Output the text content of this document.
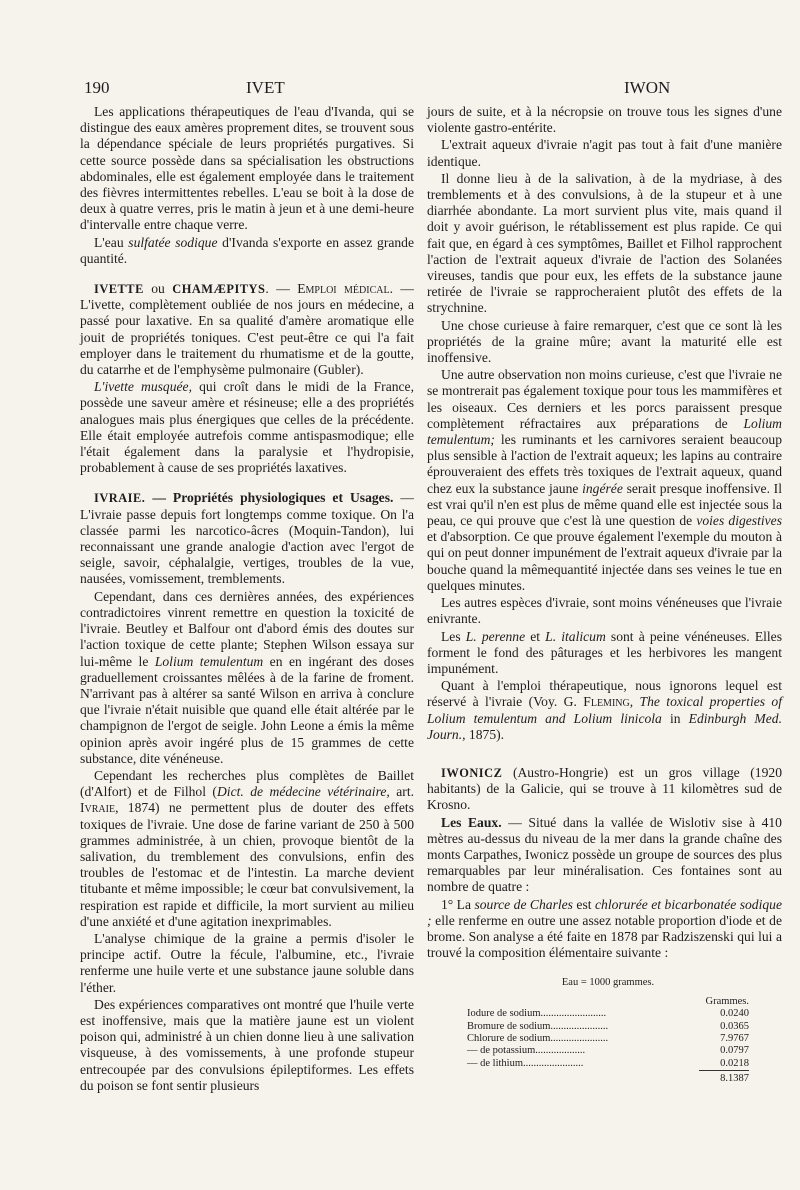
190	IVET	IWON

Les applications thérapeutiques de l'eau d'Ivanda, qui se distingue des eaux amères proprement dites, se trouvent sous la dépendance spéciale de leurs propriétés purgatives. Si cette source possède dans sa spécialisation les obstructions abdominales, elle est également employée dans le traitement des fièvres intermittentes rebelles. L'eau se boit à la dose de deux à quatre verres, pris le matin à jeun et à une demi-heure d'intervalle entre chaque verre.

L'eau sulfatée sodique d'Ivanda s'exporte en assez grande quantité.

IVETTE ou CHAMÆPITYS. — Emploi médical. —L'ivette, complètement oubliée de nos jours en médecine, a passé pour laxative. En sa qualité d'amère aromatique elle jouit de propriétés toniques. C'est peut-être ce qui l'a fait employer dans le traitement du rhumatisme et de la goutte, du catarrhe et de l'emphysème pulmonaire (Gubler).

L'ivette musquée, qui croît dans le midi de la France, possède une saveur amère et résineuse; elle a des propriétés analogues mais plus énergiques que celles de la précédente. Elle était employée autrefois comme antispasmodique; elle l'était également dans la paralysie et l'hydropisie, probablement à cause de ses propriétés laxatives.

IVRAIE. — Propriétés physiologiques et Usages. — L'ivraie passe depuis fort longtemps comme toxique. On l'a classée parmi les narcotico-âcres (Moquin-Tandon), lui reconnaissant une grande analogie d'action avec l'ergot de seigle, savoir, céphalalgie, vertiges, troubles de la vue, nausées, vomissement, tremblements.

Cependant, dans ces dernières années, des expériences contradictoires vinrent remettre en question la toxicité de l'ivraie. Beutley et Balfour ont d'abord émis des doutes sur l'action toxique de cette plante; Stephen Wilson essaya sur lui-même le Lolium temulentum en en ingérant des doses graduellement croissantes mêlées à de la farine de froment. N'arrivant pas à altérer sa santé Wilson en arriva à conclure que l'ivraie n'était nuisible que quand elle était altérée par le champignon de l'ergot de seigle. John Leone a émis la même opinion après avoir ingéré plus de 15 grammes de cette substance, dite vénéneuse.

Cependant les recherches plus complètes de Baillet (d'Alfort) et de Filhol (Dict. de médecine vétérinaire, art. Ivraie, 1874) ne permettent plus de douter des effets toxiques de l'ivraie. Une dose de farine variant de 250 à 500 grammes administrée, à un chien, provoque bientôt de la salivation, du tremblement des convulsions, enfin des troubles de l'estomac et de l'intestin. La marche devient titubante et même impossible; le cœur bat convulsivement, la respiration est rapide et difficile, la mort survient au milieu d'une anxiété et d'une agitation inexprimables.

L'analyse chimique de la graine a permis d'isoler le principe actif. Outre la fécule, l'albumine, etc., l'ivraie renferme une huile verte et une substance jaune soluble dans l'éther.

Des expériences comparatives ont montré que l'huile verte est inoffensive, mais que la matière jaune est un violent poison qui, administré à un chien donne lieu à une salivation visqueuse, à des vomissements, à une profonde stupeur entrecoupée par des convulsions épileptiformes. Les effets du poison se font sentir plusieurs

jours de suite, et à la nécropsie on trouve tous les signes d'une violente gastro-entérite.

L'extrait aqueux d'ivraie n'agit pas tout à fait d'une manière identique.

Il donne lieu à de la salivation, à de la mydriase, à des tremblements et à des convulsions, à de la stupeur et à une diarrhée abondante. La mort survient plus vite, mais quand il doit y avoir guérison, le rétablissement est plus rapide. Ce qui fait que, en égard à ces symptômes, Baillet et Filhol rapprochent l'action de l'extrait aqueux d'ivraie de l'action des Solanées vireuses, tandis que pour eux, les effets de la substance jaune retirée de l'ivraie se rapprocheraient plutôt des effets de la strychnine.

Une chose curieuse à faire remarquer, c'est que ce sont là les propriétés de la graine mûre; avant la maturité elle est inoffensive.

Une autre observation non moins curieuse, c'est que l'ivraie ne se montrerait pas également toxique pour tous les mammifères et les oiseaux. Ces derniers et les porcs paraissent presque complètement réfractaires aux préparations de Lolium temulentum; les ruminants et les carnivores seraient beaucoup plus sensible à l'action de l'extrait aqueux; les lapins au contraire éprouveraient des effets très toxiques de l'extrait aqueux, quand chez eux la substance jaune ingérée serait presque inoffensive. Il est vrai qu'il n'en est plus de même quand elle est injectée sous la peau, ce qui prouve que c'est là une question de voies digestives et d'absorption. Ce que prouve également l'exemple du mouton à qui on peut donner impunément de l'extrait aqueux d'ivraie par la bouche quand la mêmequantité injectée dans ses veines le tue en quelques minutes.

Les autres espèces d'ivraie, sont moins vénéneuses que l'ivraie enivrante.

Les L. perenne et L. italicum sont à peine vénéneuses. Elles forment le fond des pâturages et les herbivores les mangent impunément.

Quant à l'emploi thérapeutique, nous ignorons lequel est réservé à l'ivraie (Voy. G. Fleming, The toxical properties of Lolium temulentum and Lolium linicola in Edinburgh Med. Journ., 1875).

IWONICZ (Austro-Hongrie) est un gros village (1920 habitants) de la Galicie, qui se trouve à 11 kilomètres sud de Krosno.

Les Eaux. — Situé dans la vallée de Wislotiv sise à 410 mètres au-dessus du niveau de la mer dans la grande chaîne des monts Carpathes, Iwonicz possède un groupe de sources des plus remarquables par leur minéralisation. Ces fontaines sont au nombre de quatre :

1° La source de Charles est chlorurée et bicarbonatée sodique ; elle renferme en outre une assez notable proportion d'iode et de brome. Son analyse a été faite en 1878 par Radziszenski qui lui a trouvé la composition élémentaire suivante :

Eau = 1000 grammes.
Grammes.
Iodure de sodium.........................	0.0240
Bromure de sodium......................	0.0365
Chlorure de sodium......................	7.9767
— de potassium...................	0.0797
— de lithium.......................	0.0218
8.1387
